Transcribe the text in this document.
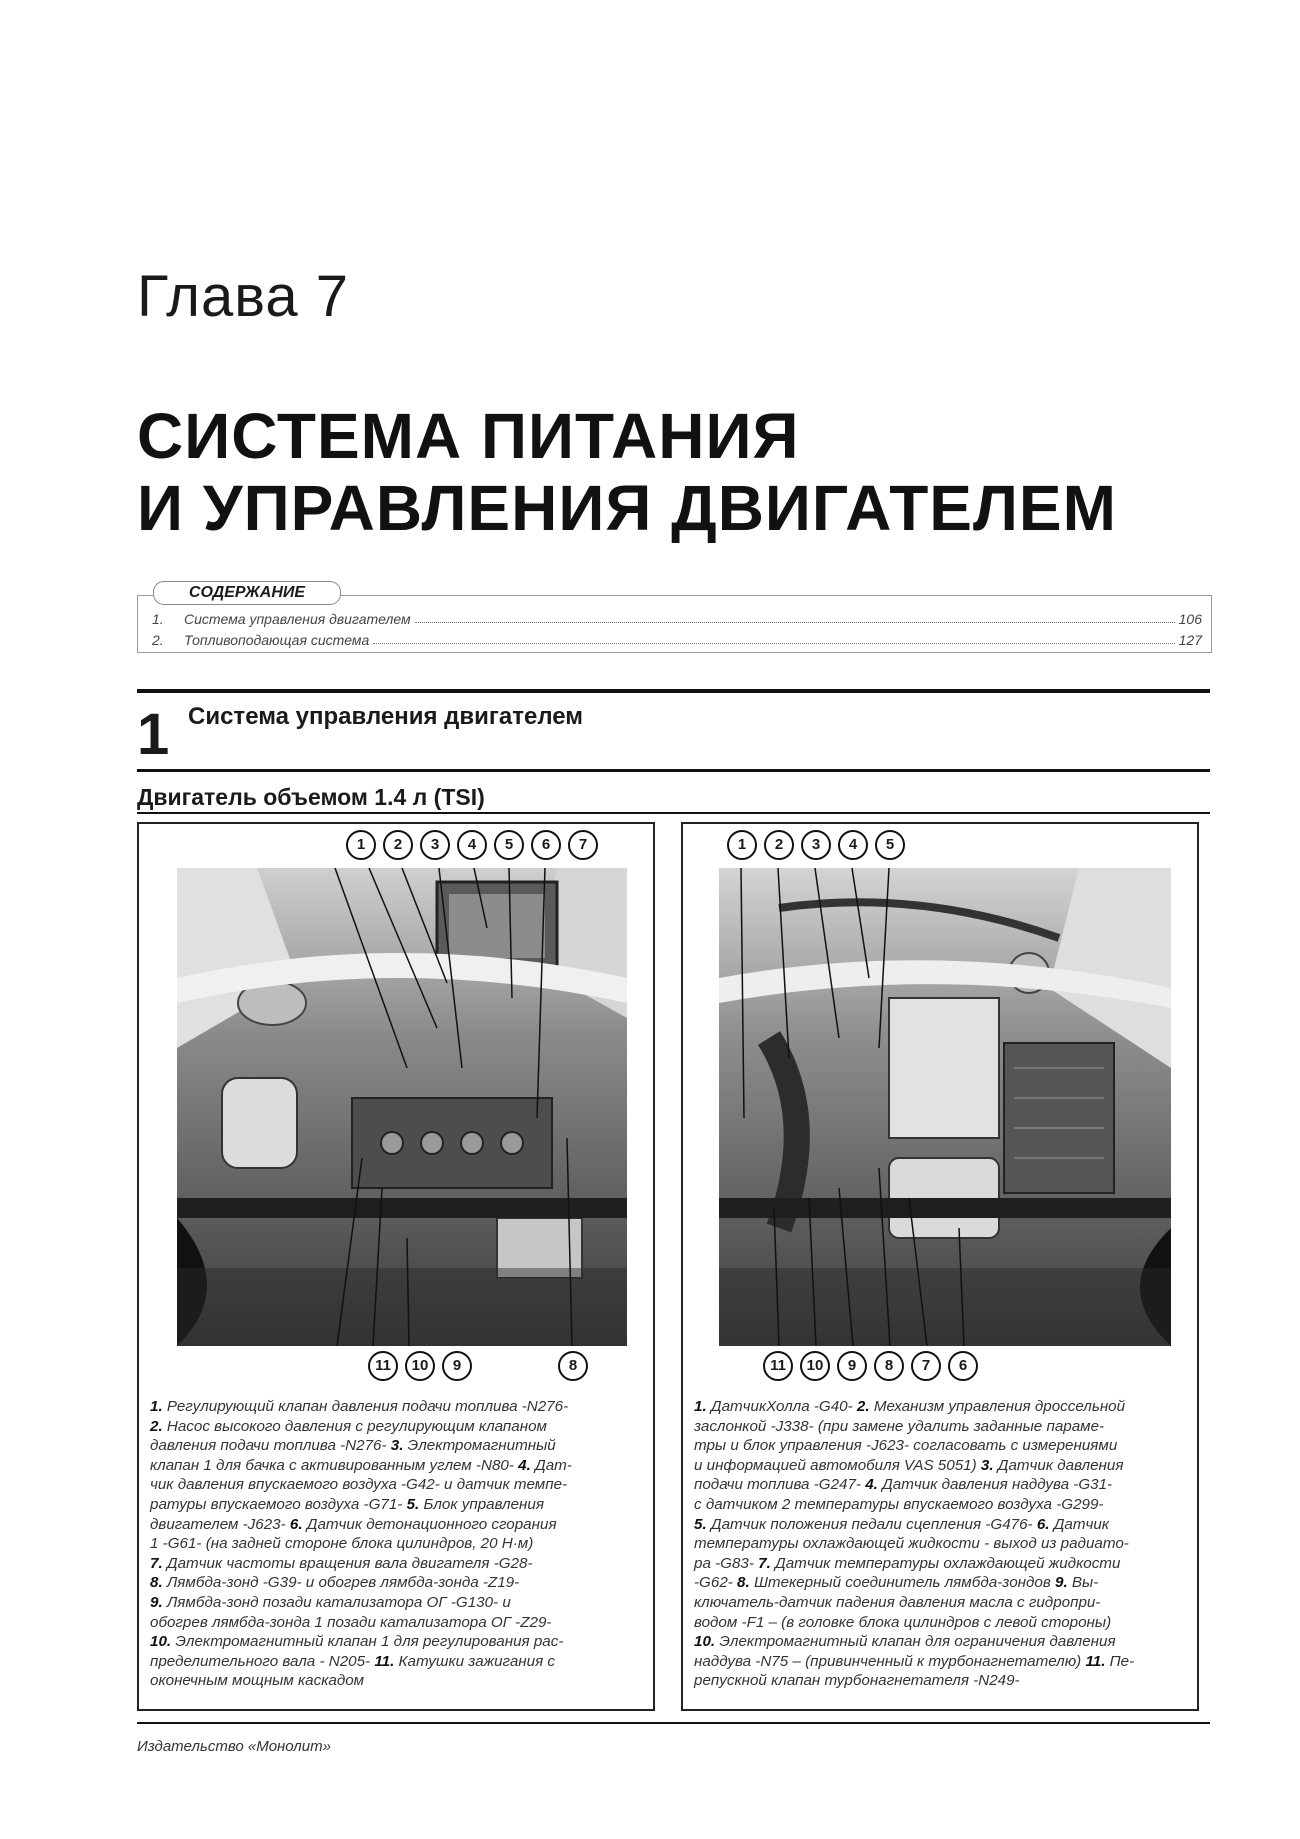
Глава 7
СИСТЕМА ПИТАНИЯ
И УПРАВЛЕНИЯ ДВИГАТЕЛЕМ
СОДЕРЖАНИЕ
1.	Система управления двигателем	106
2.	Топливоподающая система	127
1 Система управления двигателем
Двигатель объемом 1.4 л (TSI)
1	2	3	4	5	6	7
11	10	9	8
1. Регулирующий клапан давления подачи топлива -N276-
2. Насос высокого давления с регулирующим клапаном
давления подачи топлива -N276- 3. Электромагнитный
клапан 1 для бачка с активированным углем -N80- 4. Дат-
чик давления впускаемого воздуха -G42- и датчик темпе-
ратуры впускаемого воздуха -G71- 5. Блок управления
двигателем -J623- 6. Датчик детонационного сгорания
1 -G61- (на задней стороне блока цилиндров, 20 Н·м)
7. Датчик частоты вращения вала двигателя -G28-
8. Лямбда-зонд -G39- и обогрев лямбда-зонда -Z19-
9. Лямбда-зонд позади катализатора ОГ -G130- и
обогрев лямбда-зонда 1 позади катализатора ОГ -Z29-
10. Электромагнитный клапан 1 для регулирования рас-
пределительного вала - N205- 11. Катушки зажигания с
оконечным мощным каскадом
1	2	3	4	5
11	10	9	8	7	6
1. ДатчикХолла -G40- 2. Механизм управления дроссельной
заслонкой -J338- (при замене удалить заданные параме-
тры и блок управления -J623- согласовать с измерениями
и информацией автомобиля VAS 5051) 3. Датчик давления
подачи топлива -G247- 4. Датчик давления наддува -G31-
с датчиком 2 температуры впускаемого воздуха -G299-
5. Датчик положения педали сцепления -G476- 6. Датчик
температуры охлаждающей жидкости - выход из радиато-
ра -G83- 7. Датчик температуры охлаждающей жидкости
-G62- 8. Штекерный соединитель лямбда-зондов 9. Вы-
ключатель-датчик падения давления масла с гидропри-
водом -F1 – (в головке блока цилиндров с левой стороны)
10. Электромагнитный клапан для ограничения давления
наддува -N75 – (привинченный к турбонагнетателю) 11. Пе-
репускной клапан турбонагнетателя -N249-
Издательство «Монолит»
